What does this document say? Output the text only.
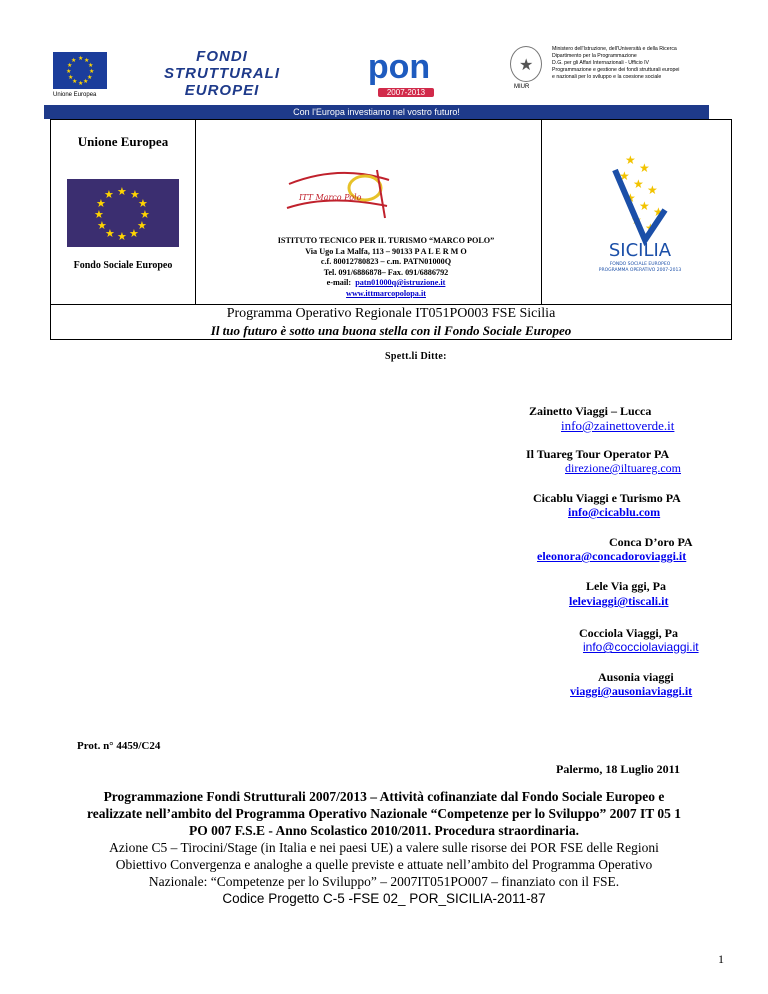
★ ★
★
★
★
★
★
★
★
★
★
★
Unione Europea
FONDI STRUTTURALI EUROPEI
pon
2007-2013
★
MIUR
Ministero dell'Istruzione, dell'Università e della Ricerca
Dipartimento per la Programmazione
D.G. per gli Affari Internazionali - Ufficio IV
Programmazione e gestione dei fondi strutturali europei
e nazionali per lo sviluppo e la coesione sociale
Con l'Europa investiamo nel vostro futuro!
Unione Europea
★ ★
★
★
★
★
★
★
★
★
★
★
Fondo Sociale Europeo
ITT Marco Polo
ISTITUTO TECNICO PER IL TURISMO “MARCO POLO”
Via Ugo La Malfa, 113 – 90133 P A L E R M O
c.f. 80012780823 – c.m. PATN01000Q
Tel. 091/6886878– Fax. 091/6886792
e-mail: patn01000q@istruzione.it
www.ittmarcopolopa.it
★
★
★
★ ★
★
★ ★
★
★
SICILIA
FONDO SOCIALE EUROPEO
PROGRAMMA OPERATIVO 2007-2013
Programma Operativo Regionale IT051PO003 FSE Sicilia
Il tuo futuro è sotto una buona stella con il Fondo Sociale Europeo
Spett.li Ditte:
Zainetto Viaggi – Lucca
info@zainettoverde.it
Il Tuareg Tour Operator PA
direzione@iltuareg.com
Cicablu Viaggi e Turismo PA
info@cicablu.com
Conca D’oro PA
eleonora@concadoroviaggi.it
Lele Via ggi, Pa
leleviaggi@tiscali.it
Cocciola Viaggi, Pa
info@cocciolaviaggi.it
Ausonia viaggi
viaggi@ausoniaviaggi.it
Prot. n° 4459/C24
Palermo, 18 Luglio 2011

Programmazione Fondi Strutturali 2007/2013 – Attività cofinanziate dal Fondo Sociale Europeo e

realizzate nell’ambito del Programma Operativo Nazionale “Competenze per lo Sviluppo” 2007 IT 05 1

PO 007 F.S.E - Anno Scolastico 2010/2011. Procedura straordinaria.

Azione C5 – Tirocini/Stage (in Italia e nei paesi UE) a valere sulle risorse dei POR FSE delle Regioni

Obiettivo Convergenza e analoghe a quelle previste e attuate nell’ambito del Programma Operativo

Nazionale: “Competenze per lo Sviluppo” – 2007IT051PO007 – finanziato con il FSE.

Codice Progetto C-5 -FSE 02_ POR_SICILIA-2011-87

1
